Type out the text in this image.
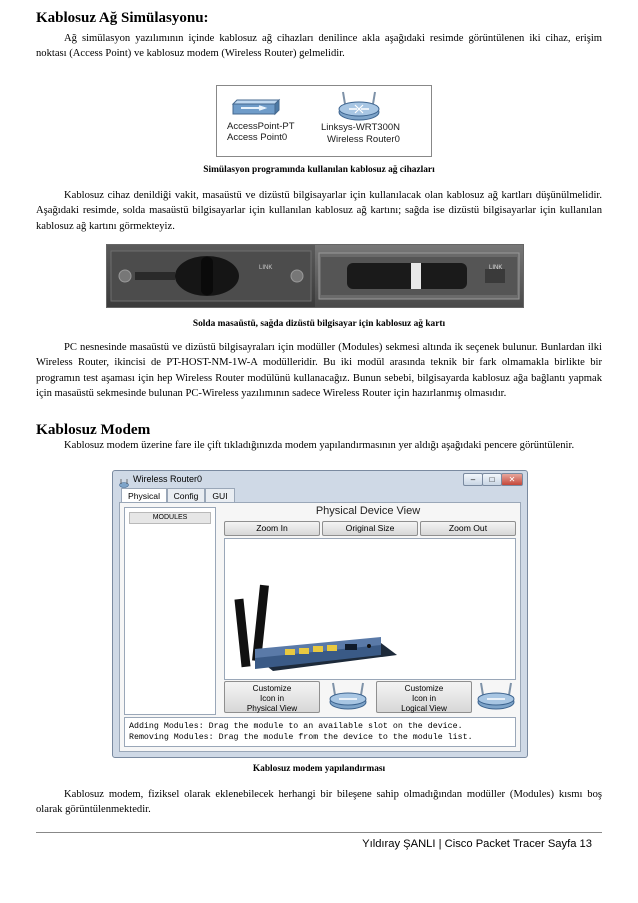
Kablosuz Ağ Simülasyonu:
Ağ simülasyon yazılımının içinde kablosuz ağ cihazları denilince akla aşağıdaki resimde görüntülenen iki cihaz, erişim noktası (Access Point) ve kablosuz modem (Wireless Router) gelmelidir.
AccessPoint-PT
Access Point0
Linksys-WRT300N
Wireless Router0
Simülasyon programında kullanılan kablosuz ağ cihazları
Kablosuz cihaz denildiği vakit, masaüstü ve dizüstü bilgisayarlar için kullanılacak olan kablosuz ağ kartları düşünülmelidir. Aşağıdaki resimde, solda masaüstü bilgisayarlar için kullanılan kablosuz ağ kartını; sağda ise dizüstü bilgisayarlar için kullanılan kablosuz ağ kartını görmekteyiz.
LINK	LINK
Solda masaüstü, sağda dizüstü bilgisayar için kablosuz ağ kartı
PC nesnesinde masaüstü ve dizüstü bilgisayraları için modüller (Modules) sekmesi altında ik seçenek bulunur. Bunlardan ilki Wireless Router, ikincisi de PT-HOST-NM-1W-A modülleridir. Bu iki modül arasında teknik bir fark olmamakla birlikte bir programın test aşaması için hep Wireless Router modülünü kullanacağız. Bunun sebebi, bilgisayarda kablosuz ağa bağlantı yapmak için masaüstü sekmesinde bulunan PC-Wireless yazılımının sadece Wireless Router için hazırlanmış olmasıdır.
Kablosuz Modem
Kablosuz modem üzerine fare ile çift tıkladığınızda modem yapılandırmasının yer aldığı aşağıdaki pencere görüntülenir.
Wireless Router0	–	□	✕
Physical	Config	GUI
MODULES
Physical Device View
Zoom In	Original Size	Zoom Out
Customize
Icon in
Physical View
Customize
Icon in
Logical View
Adding Modules: Drag the module to an available slot on the device.
Removing Modules: Drag the module from the device to the module list.
Kablosuz modem yapılandırması
Kablosuz modem, fiziksel olarak eklenebilecek herhangi bir bileşene sahip olmadığından modüller (Modules) kısmı boş olarak görüntülenmektedir.
Yıldıray ŞANLI | Cisco Packet Tracer Sayfa 13
